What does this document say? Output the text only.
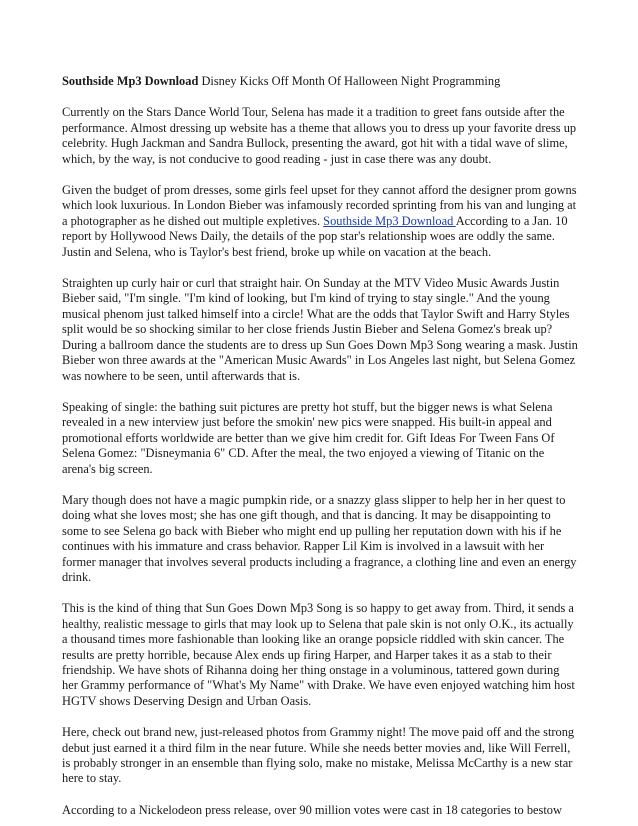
Southside Mp3 Download Disney Kicks Off Month Of Halloween Night Programming

Currently on the Stars Dance World Tour, Selena has made it a tradition to greet fans outside after the performance. Almost dressing up website has a theme that allows you to dress up your favorite dress up celebrity. Hugh Jackman and Sandra Bullock, presenting the award, got hit with a tidal wave of slime, which, by the way, is not conducive to good reading - just in case there was any doubt.

Given the budget of prom dresses, some girls feel upset for they cannot afford the designer prom gowns which look luxurious. In London Bieber was infamously recorded sprinting from his van and lunging at a photographer as he dished out multiple expletives. Southside Mp3 Download According to a Jan. 10 report by Hollywood News Daily, the details of the pop star's relationship woes are oddly the same. Justin and Selena, who is Taylor's best friend, broke up while on vacation at the beach.

Straighten up curly hair or curl that straight hair. On Sunday at the MTV Video Music Awards Justin Bieber said, "I'm single. "I'm kind of looking, but I'm kind of trying to stay single." And the young musical phenom just talked himself into a circle! What are the odds that Taylor Swift and Harry Styles split would be so shocking similar to her close friends Justin Bieber and Selena Gomez's break up? During a ballroom dance the students are to dress up Sun Goes Down Mp3 Song wearing a mask. Justin Bieber won three awards at the "American Music Awards" in Los Angeles last night, but Selena Gomez was nowhere to be seen, until afterwards that is.

Speaking of single: the bathing suit pictures are pretty hot stuff, but the bigger news is what Selena revealed in a new interview just before the smokin' new pics were snapped. His built-in appeal and promotional efforts worldwide are better than we give him credit for. Gift Ideas For Tween Fans Of Selena Gomez: "Disneymania 6" CD. After the meal, the two enjoyed a viewing of Titanic on the arena's big screen.

Mary though does not have a magic pumpkin ride, or a snazzy glass slipper to help her in her quest to doing what she loves most; she has one gift though, and that is dancing. It may be disappointing to some to see Selena go back with Bieber who might end up pulling her reputation down with his if he continues with his immature and crass behavior. Rapper Lil Kim is involved in a lawsuit with her former manager that involves several products including a fragrance, a clothing line and even an energy drink.

This is the kind of thing that Sun Goes Down Mp3 Song is so happy to get away from. Third, it sends a healthy, realistic message to girls that may look up to Selena that pale skin is not only O.K., its actually a thousand times more fashionable than looking like an orange popsicle riddled with skin cancer. The results are pretty horrible, because Alex ends up firing Harper, and Harper takes it as a stab to their friendship. We have shots of Rihanna doing her thing onstage in a voluminous, tattered gown during her Grammy performance of "What's My Name" with Drake. We have even enjoyed watching him host HGTV shows Deserving Design and Urban Oasis.

Here, check out brand new, just-released photos from Grammy night! The move paid off and the strong debut just earned it a third film in the near future. While she needs better movies and, like Will Ferrell, is probably stronger in an ensemble than flying solo, make no mistake, Melissa McCarthy is a new star here to stay.

According to a Nickelodeon press release, over 90 million votes were cast in 18 categories to bestow
